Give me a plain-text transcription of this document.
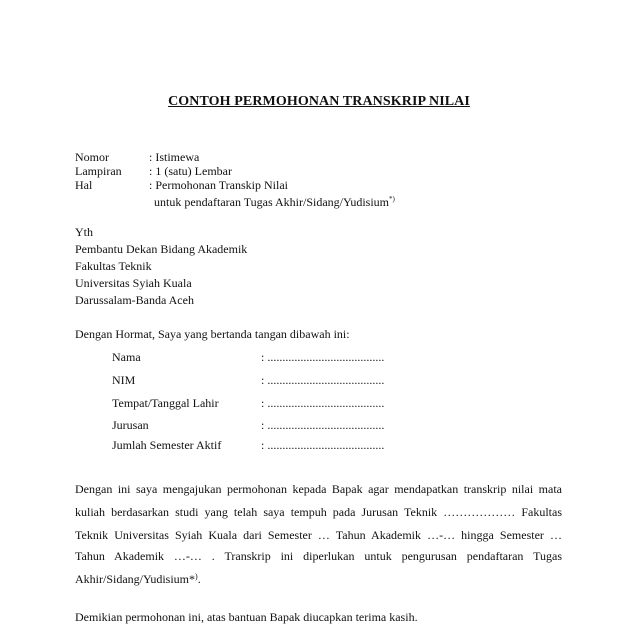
CONTOH PERMOHONAN TRANSKRIP NILAI
Nomor	: Istimewa
Lampiran : 1 (satu) Lembar
Hal	: Permohonan Transkip Nilai
untuk pendaftaran Tugas Akhir/Sidang/Yudisium*)
Yth
Pembantu Dekan Bidang Akademik
Fakultas Teknik
Universitas Syiah Kuala
Darussalam-Banda Aceh
Dengan Hormat, Saya yang bertanda tangan dibawah ini:
Nama	: .......................................
NIM	: .......................................
Tempat/Tanggal Lahir	: .......................................
Jurusan	: .......................................
Jumlah Semester Aktif	: .......................................
Dengan ini saya mengajukan permohonan kepada Bapak agar mendapatkan transkrip nilai mata
kuliah berdasarkan studi yang telah saya tempuh pada Jurusan Teknik ……………… Fakultas
Teknik Universitas Syiah Kuala dari Semester … Tahun Akademik …-… hingga Semester …
Tahun Akademik …-… . Transkrip ini diperlukan untuk pengurusan pendaftaran Tugas
Akhir/Sidang/Yudisium*).
Demikian permohonan ini, atas bantuan Bapak diucapkan terima kasih.
